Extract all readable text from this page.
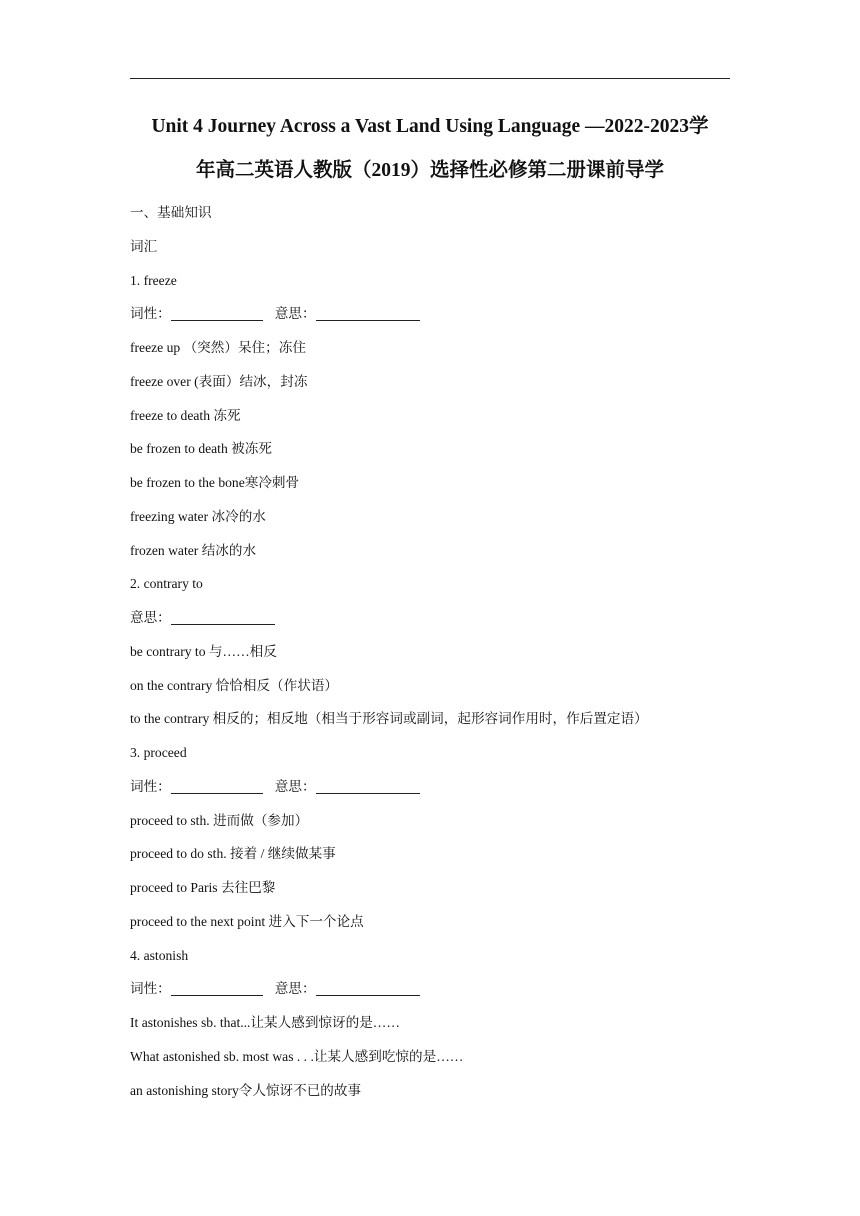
Unit 4 Journey Across a Vast Land Using Language —2022-2023学
年高二英语人教版（2019）选择性必修第二册课前导学
一、基础知识
词汇
1. freeze
词性：	意思：
freeze up （突然）呆住；冻住
freeze over (表面）结冰，封冻
freeze to death 冻死
be frozen to death 被冻死
be frozen to the bone寒冷刺骨
freezing water 冰冷的水
frozen water 结冰的水
2. contrary to
意思：
be contrary to 与……相反
on the contrary 恰恰相反（作状语）
to the contrary 相反的；相反地（相当于形容词或副词，起形容词作用时，作后置定语）
3. proceed
词性：	意思：
proceed to sth. 进而做（参加）
proceed to do sth. 接着 / 继续做某事
proceed to Paris 去往巴黎
proceed to the next point 进入下一个论点
4. astonish
词性：	意思：
It astonishes sb. that...让某人感到惊讶的是……
What astonished sb. most was . . .让某人感到吃惊的是……
an astonishing story令人惊讶不已的故事
